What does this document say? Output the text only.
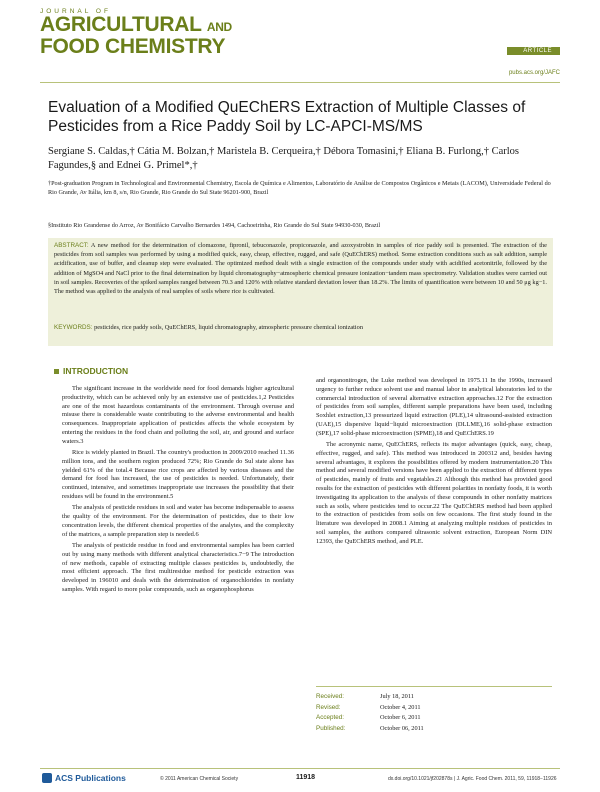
JOURNAL OF
AGRICULTURAL AND
FOOD CHEMISTRY	ARTICLE
pubs.acs.org/JAFC
Evaluation of a Modified QuEChERS Extraction of Multiple Classes of Pesticides from a Rice Paddy Soil by LC-APCI-MS/MS
Sergiane S. Caldas,† Cátia M. Bolzan,† Maristela B. Cerqueira,† Débora Tomasini,† Eliana B. Furlong,† Carlos Fagundes,§ and Ednei G. Primel*,†
†Post-graduation Program in Technological and Environmental Chemistry, Escola de Química e Alimentos, Laboratório de Análise de Compostos Orgânicos e Metais (LACOM), Universidade Federal do Rio Grande, Av Itália, km 8, s/n, Rio Grande, Rio Grande do Sul State 96201-900, Brazil
§Instituto Rio Grandense do Arroz, Av Bonifácio Carvalho Bernardes 1494, Cachoeirinha, Rio Grande do Sul State 94930-030, Brazil
ABSTRACT: A new method for the determination of clomazone, fipronil, tebuconazole, propiconazole, and azoxystrobin in samples of rice paddy soil is presented. The extraction of the pesticides from soil samples was performed by using a modified quick, easy, cheap, effective, rugged, and safe (QuEChERS) method. Some extraction conditions such as salt addition, sample acidification, use of buffer, and cleanup step were evaluated. The optimized method dealt with a single extraction of the compounds under study with acidified acetonitrile, followed by the addition of MgSO4 and NaCl prior to the final determination by liquid chromatography−atmospheric chemical pressure ionization−tandem mass spectrometry. Validation studies were carried out in soil samples. Recoveries of the spiked samples ranged between 70.3 and 120% with relative standard deviation lower than 18.2%. The limits of quantification were between 10 and 50 μg kg−1. The method was applied to the analysis of real samples of soils where rice is cultivated.
KEYWORDS: pesticides, rice paddy soils, QuEChERS, liquid chromatography, atmospheric pressure chemical ionization
INTRODUCTION

The significant increase in the worldwide need for food demands higher agricultural productivity, which can be achieved only by an extensive use of pesticides.1,2 Pesticides are one of the most hazardous contaminants of the environment. Through overuse and misuse there is considerable waste contributing to the adverse environmental and health consequences. Inappropriate application of pesticides affects the whole ecosystem by entering the residues in the food chain and polluting the soil, air, and ground and surface waters.3

Rice is widely planted in Brazil. The country's production in 2009/2010 reached 11.36 million tons, and the southern region produced 72%; Rio Grande do Sul state alone has yielded 61% of the total.4 Because rice crops are affected by various diseases and the demand for food has increased, the use of pesticides is needed. Unfortunately, their continued, intensive, and sometimes inappropriate use increases the possibility that their residues will be found in the environment.5

The analysis of pesticide residues in soil and water has become indispensable to assess the quality of the environment. For the determination of pesticides, due to their low concentration levels, the different chemical properties of the analytes, and the complexity of the matrices, a sample preparation step is needed.6

The analysis of pesticide residue in food and environmental samples has been carried out by using many methods with different analytical characteristics.7−9 The introduction of new methods, capable of extracting multiple classes pesticides is, undoubtedly, the most efficient approach. The first multiresidue method for pesticide extraction was developed in 196010 and deals with the determination of organochlorides in nonfatty samples. With regard to more polar compounds, such as organophosphorus

and organonitrogen, the Luke method was developed in 1975.11 In the 1990s, increased urgency to further reduce solvent use and manual labor in analytical laboratories led to the commercial introduction of several alternative extraction approaches.12 For the extraction of pesticides from soil samples, different sample preparations have been used, including Soxhlet extraction,13 pressurized liquid extraction (PLE),14 ultrasound-assisted extraction (UAE),15 dispersive liquid−liquid microextraction (DLLME),16 solid-phase extraction (SPE),17 solid-phase microextraction (SPME),18 and QuEChERS.19

The acronymic name, QuEChERS, reflects its major advantages (quick, easy, cheap, effective, rugged, and safe). This method was introduced in 200312 and, besides having several advantages, it explores the possibilities offered by modern instrumentation.20 This method and several modified versions have been applied to the extraction of different types of pesticides, mainly of fruits and vegetables.21 Although this method has provided good results for the extraction of pesticides with different polarities in nonfatty foods, it is worth investigating its application to the analysis of these compounds in other nonfatty matrices such as soils, where pesticides tend to occur.22 The QuEChERS method had been applied to the extraction of pesticides from soils on few occasions. The first study found in the literature was developed in 2008.1 Aiming at analyzing multiple residues of pesticides in soil samples, the authors compared ultrasonic solvent extraction, European Norm DIN 12393, the QuEChERS method, and PLE.

Received:	July 18, 2011
Revised:	October 4, 2011
Accepted:	October 6, 2011
Published:	October 06, 2011
ACS Publications	© 2011 American Chemical Society	11918	dx.doi.org/10.1021/jf202878s | J. Agric. Food Chem. 2011, 59, 11918−11926
